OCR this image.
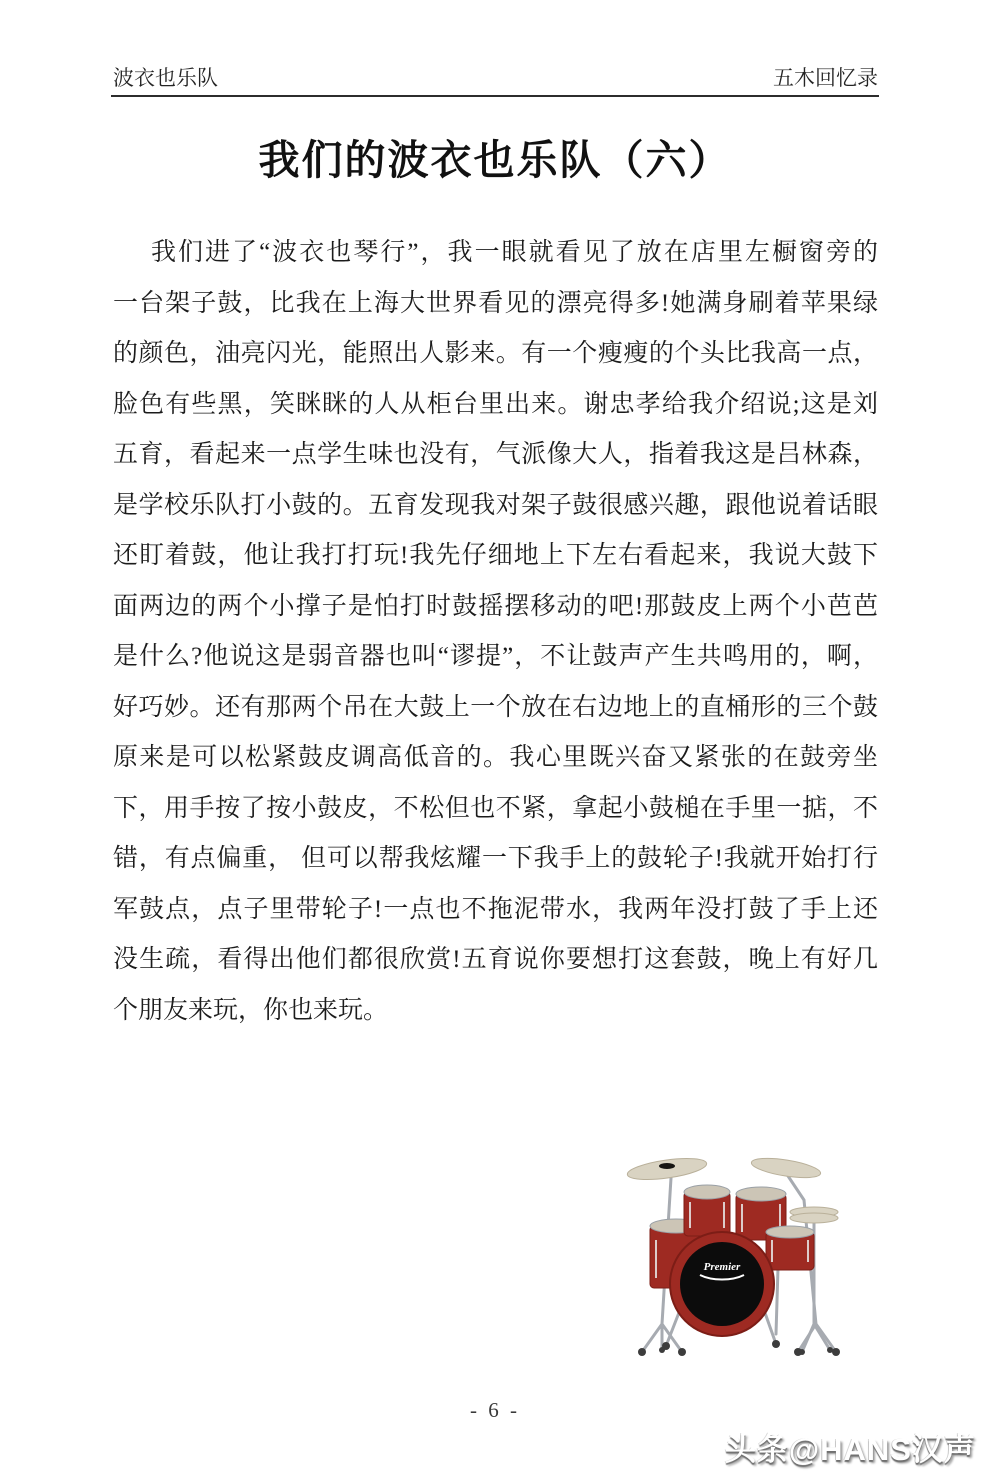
波衣也乐队	五木回忆录
我们的波衣也乐队（六）
我们进了“波衣也琴行”，我一眼就看见了放在店里左橱窗旁的
一台架子鼓，比我在上海大世界看见的漂亮得多!她满身刷着苹果绿
的颜色，油亮闪光，能照出人影来。有一个瘦瘦的个头比我高一点，
脸色有些黑，笑眯眯的人从柜台里出来。谢忠孝给我介绍说;这是刘
五育，看起来一点学生味也没有，气派像大人，指着我这是吕林森，
是学校乐队打小鼓的。五育发现我对架子鼓很感兴趣，跟他说着话眼
还盯着鼓，他让我打打玩!我先仔细地上下左右看起来，我说大鼓下
面两边的两个小撑子是怕打时鼓摇摆移动的吧!那鼓皮上两个小芭芭
是什么?他说这是弱音器也叫“谬提”，不让鼓声产生共鸣用的，啊，
好巧妙。还有那两个吊在大鼓上一个放在右边地上的直桶形的三个鼓
原来是可以松紧鼓皮调高低音的。我心里既兴奋又紧张的在鼓旁坐
下，用手按了按小鼓皮，不松但也不紧，拿起小鼓槌在手里一掂，不
错，有点偏重， 但可以帮我炫耀一下我手上的鼓轮子!我就开始打行
军鼓点，点子里带轮子!一点也不拖泥带水，我两年没打鼓了手上还
没生疏，看得出他们都很欣赏!五育说你要想打这套鼓，晚上有好几
个朋友来玩，你也来玩。
Premier
- 6 -
头条@HANS汉声
